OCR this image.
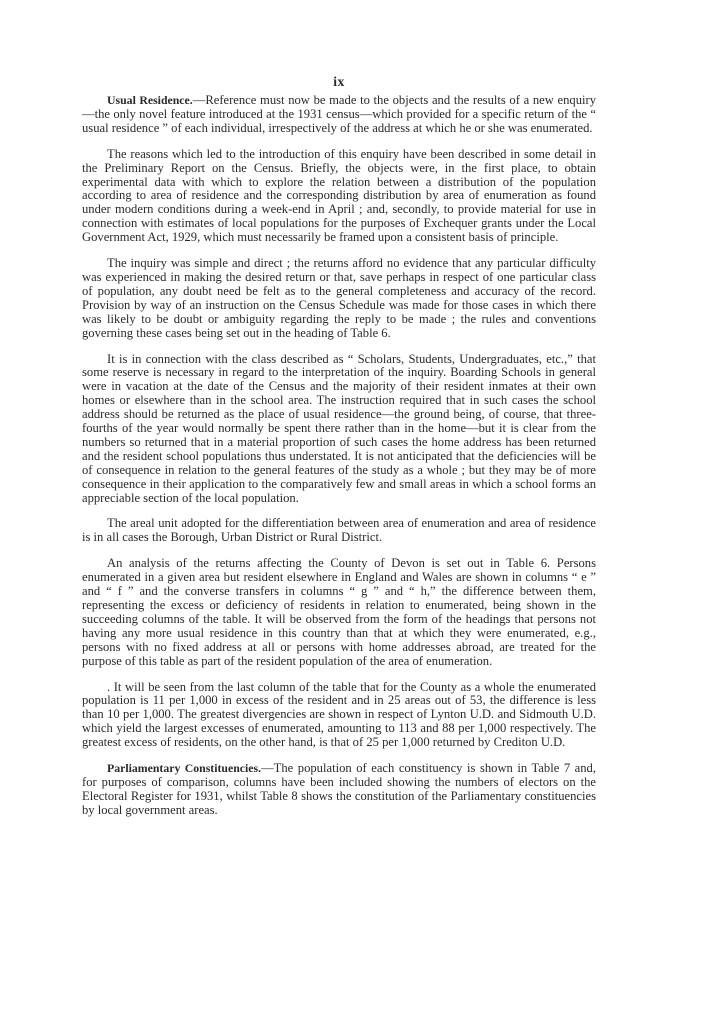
ix

Usual Residence.—Reference must now be made to the objects and the results of a new enquiry—the only novel feature introduced at the 1931 census—which provided for a specific return of the “ usual residence ” of each individual, irrespectively of the address at which he or she was enumerated.

The reasons which led to the introduction of this enquiry have been described in some detail in the Preliminary Report on the Census. Briefly, the objects were, in the first place, to obtain experimental data with which to explore the relation between a distribution of the population according to area of residence and the corresponding distribution by area of enumeration as found under modern conditions during a week-end in April ; and, secondly, to provide material for use in connection with estimates of local populations for the purposes of Exchequer grants under the Local Government Act, 1929, which must necessarily be framed upon a consistent basis of principle.

The inquiry was simple and direct ; the returns afford no evidence that any particular difficulty was experienced in making the desired return or that, save perhaps in respect of one particular class of population, any doubt need be felt as to the general completeness and accuracy of the record. Provision by way of an instruction on the Census Schedule was made for those cases in which there was likely to be doubt or ambiguity regarding the reply to be made ; the rules and conventions governing these cases being set out in the heading of Table 6.

It is in connection with the class described as “ Scholars, Students, Undergraduates, etc.,” that some reserve is necessary in regard to the interpretation of the inquiry. Boarding Schools in general were in vacation at the date of the Census and the majority of their resident inmates at their own homes or elsewhere than in the school area. The instruction required that in such cases the school address should be returned as the place of usual residence—the ground being, of course, that three-fourths of the year would normally be spent there rather than in the home—but it is clear from the numbers so returned that in a material proportion of such cases the home address has been returned and the resident school populations thus understated. It is not anticipated that the deficiencies will be of consequence in relation to the general features of the study as a whole ; but they may be of more consequence in their application to the comparatively few and small areas in which a school forms an appreciable section of the local population.

The areal unit adopted for the differentiation between area of enumeration and area of residence is in all cases the Borough, Urban District or Rural District.

An analysis of the returns affecting the County of Devon is set out in Table 6. Persons enumerated in a given area but resident elsewhere in England and Wales are shown in columns “ e ” and “ f ” and the converse transfers in columns “ g ” and “ h,” the difference between them, representing the excess or deficiency of residents in relation to enumerated, being shown in the succeeding columns of the table. It will be observed from the form of the headings that persons not having any more usual residence in this country than that at which they were enumerated, e.g., persons with no fixed address at all or persons with home addresses abroad, are treated for the purpose of this table as part of the resident population of the area of enumeration.

. It will be seen from the last column of the table that for the County as a whole the enumerated population is 11 per 1,000 in excess of the resident and in 25 areas out of 53, the difference is less than 10 per 1,000. The greatest divergencies are shown in respect of Lynton U.D. and Sidmouth U.D. which yield the largest excesses of enumerated, amounting to 113 and 88 per 1,000 respectively. The greatest excess of residents, on the other hand, is that of 25 per 1,000 returned by Crediton U.D.

Parliamentary Constituencies.—The population of each constituency is shown in Table 7 and, for purposes of comparison, columns have been included showing the numbers of electors on the Electoral Register for 1931, whilst Table 8 shows the constitution of the Parliamentary constituencies by local government areas.
